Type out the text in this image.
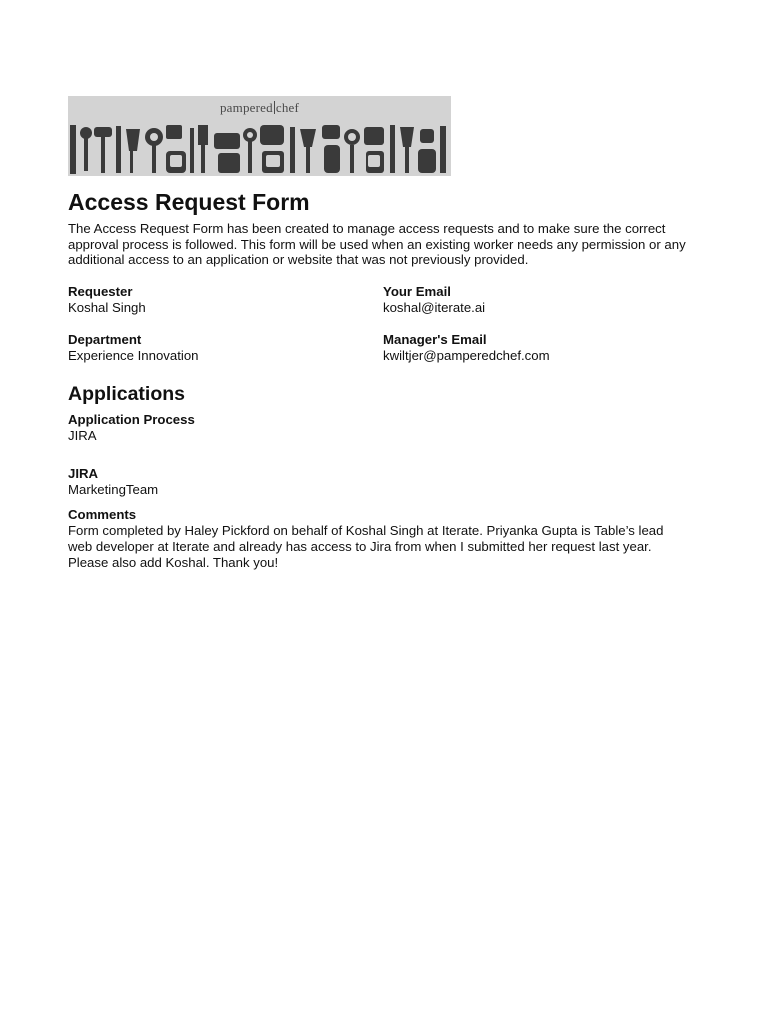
pampered chef
Access Request Form

The Access Request Form has been created to manage access requests and to make sure the correct approval process is followed. This form will be used when an existing worker needs any permission or any additional access to an application or website that was not previously provided.

Requester
Koshal Singh
Your Email
koshal@iterate.ai
Department
Experience Innovation
Manager's Email
kwiltjer@pamperedchef.com
Applications
Application Process
JIRA
JIRA
MarketingTeam
Comments
Form completed by Haley Pickford on behalf of Koshal Singh at Iterate. Priyanka Gupta is Table’s lead web developer at Iterate and already has access to Jira from when I submitted her request last year. Please also add Koshal. Thank you!
